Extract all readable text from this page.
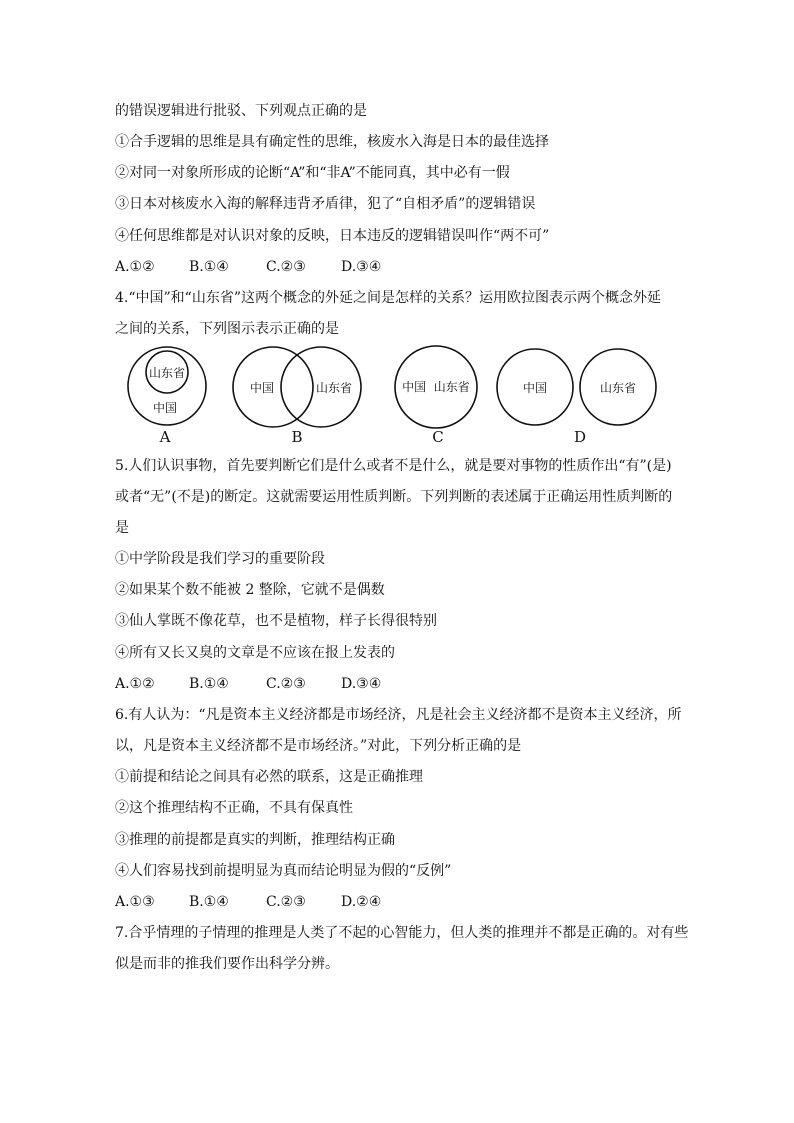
的错误逻辑进行批驳、下列观点正确的是
①合手逻辑的思维是具有确定性的思维，核废水入海是日本的最佳选择
②对同一对象所形成的论断“A”和“非A”不能同真，其中必有一假
③日本对核废水入海的解释违背矛盾律，犯了“自相矛盾”的逻辑错误
④任何思维都是对认识对象的反映，日本违反的逻辑错误叫作“两不可”
A.①② B.①④	C.②③	D.③④
4.“中国”和“山东省”这两个概念的外延之间是怎样的关系？运用欧拉图表示两个概念外延
之间的关系，下列图示表示正确的是
山东省
中国
中国	山东省	中国  山东省	中国	山东省
A	B	C	D
5.人们认识事物，首先要判断它们是什么或者不是什么，就是要对事物的性质作出“有”(是)
或者“无”(不是)的断定。这就需要运用性质判断。下列判断的表述属于正确运用性质判断的
是
①中学阶段是我们学习的重要阶段
②如果某个数不能被 2 整除，它就不是偶数
③仙人掌既不像花草，也不是植物，样子长得很特别
④所有又长又臭的文章是不应该在报上发表的
A.①② B.①④	C.②③	D.③④
6.有人认为：“凡是资本主义经济都是市场经济，凡是社会主义经济都不是资本主义经济，所
以，凡是资本主义经济都不是市场经济。”对此，下列分析正确的是
①前提和结论之间具有必然的联系，这是正确推理
②这个推理结构不正确，不具有保真性
③推理的前提都是真实的判断，推理结构正确
④人们容易找到前提明显为真而结论明显为假的“反例”
A.①③ B.①④	C.②③	D.②④
7.合乎情理的子情理的推理是人类了不起的心智能力，但人类的推理并不都是正确的。对有些
似是而非的推我们要作出科学分辨。
